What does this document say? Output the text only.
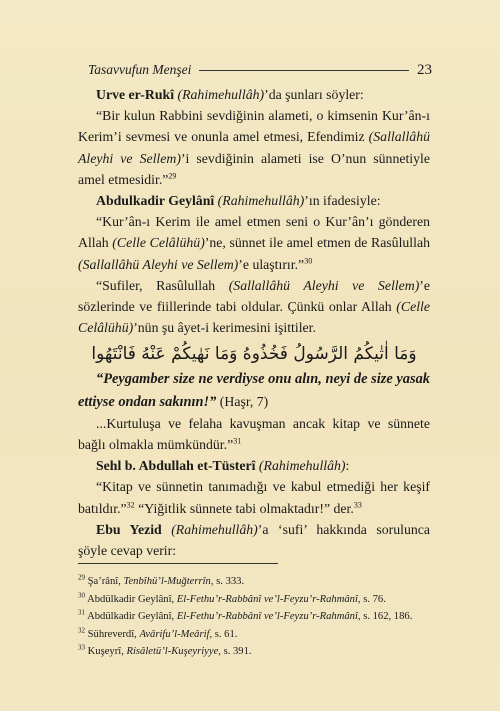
Tasavvufun Menşei	23

Urve er-Rukî (Rahimehullâh)’da şunları söyler:

“Bir kulun Rabbini sevdiğinin alameti, o kimsenin Kur’ân-ı Kerim’i sevmesi ve onunla amel etmesi, Efendimiz (Sallallâhü Aleyhi ve Sellem)’i sevdiğinin alameti ise O’nun sünnetiyle amel etmesidir.”$^{29}$

Abdulkadir Geylânî (Rahimehullâh)’ın ifadesiyle:

“Kur’ân-ı Kerim ile amel etmen seni o Kur’ân’ı gönderen Allah (Celle Celâlühü)’ne, sünnet ile amel etmen de Rasûlullah (Sallallâhü Aleyhi ve Sellem)’e ulaştırır.”$^{30}$

“Sufiler, Rasûlullah (Sallallâhü Aleyhi ve Sellem)’e sözlerinde ve fiillerinde tabi oldular. Çünkü onlar Allah (Celle Celâlühü)’nün şu âyet-i kerimesini işittiler.

وَمَا اٰتٰيكُمُ الرَّسُولُ فَخُذُوهُ وَمَا نَهٰيكُمْ عَنْهُ فَانْتَهُوا

“Peygamber size ne verdiyse onu alın, neyi de size yasak ettiyse ondan sakının!” (Haşr, 7)

...Kurtuluşa ve felaha kavuşman ancak kitap ve sünnete bağlı olmakla mümkündür.”$^{31}$

Sehl b. Abdullah et-Tüsterî (Rahimehullâh):

“Kitap ve sünnetin tanımadığı ve kabul etmediği her keşif batıldır.”$^{32}$ “Yiğitlik sünnete tabi olmaktadır!” der.$^{33}$

Ebu Yezid (Rahimehullâh)’a ‘sufi’ hakkında sorulunca şöyle cevap verir:

$^{29}$ Şa’rânî, Tenbîhü’l-Muğterrîn, s. 333.

$^{30}$ Abdülkadir Geylânî, El-Fethu’r-Rabbânî ve’l-Feyzu’r-Rahmânî, s. 76.

$^{31}$ Abdülkadir Geylânî, El-Fethu’r-Rabbânî ve’l-Feyzu’r-Rahmânî, s. 162, 186.

$^{32}$ Sühreverdî, Avârifu’l-Meârif, s. 61.

$^{33}$ Kuşeyrî, Risâletü’l-Kuşeyriyye, s. 391.
